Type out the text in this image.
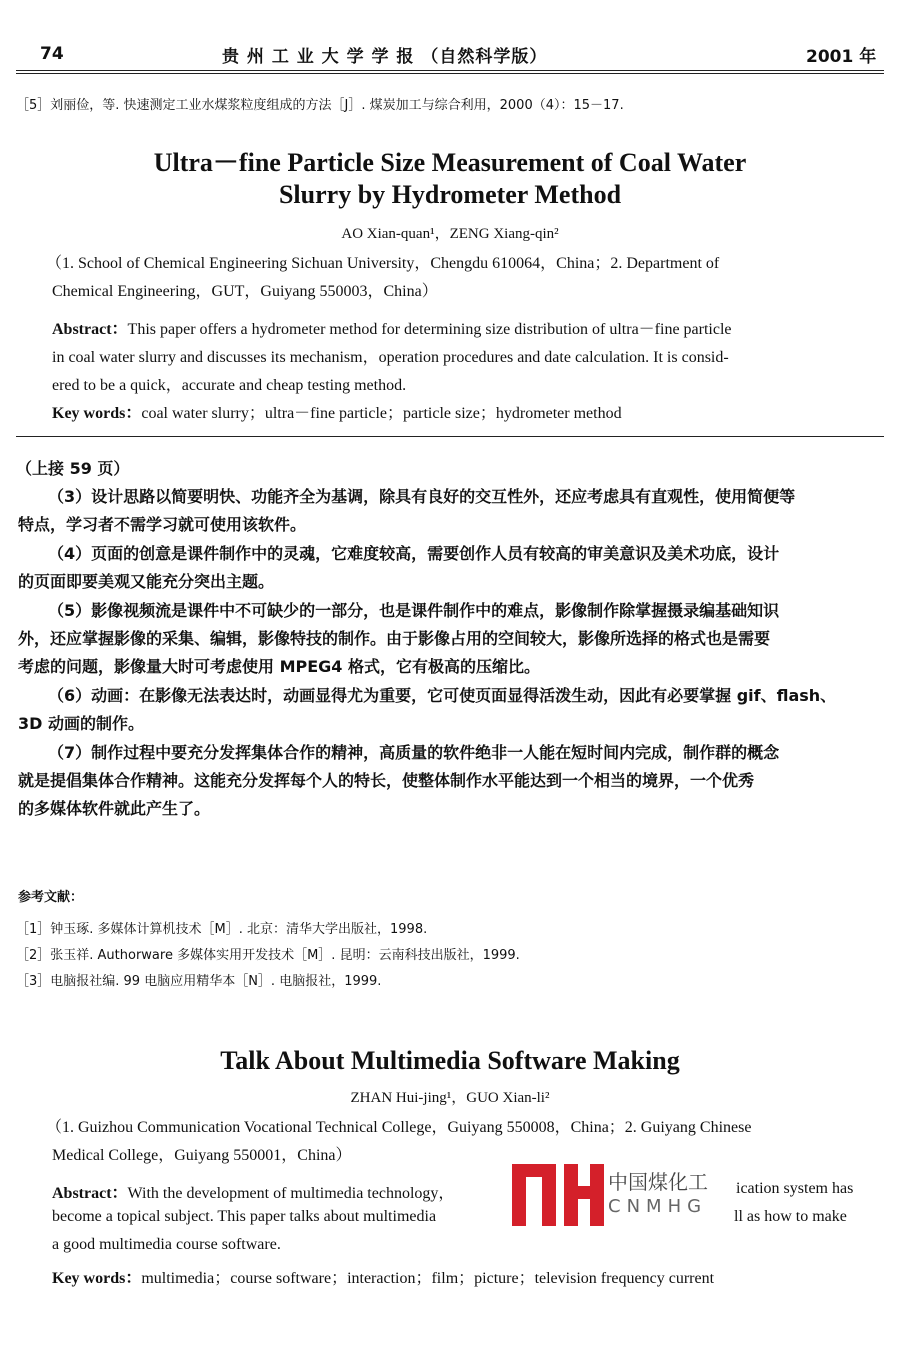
74	贵 州 工 业 大 学 学 报 （自然科学版）	2001 年
［5］刘丽俭，等. 快速测定工业水煤浆粒度组成的方法［J］. 煤炭加工与综合利用，2000（4）：15－17.
Ultra－fine Particle Size Measurement of Coal Water
Slurry by Hydrometer Method
AO Xian-quan¹，ZENG Xiang-qin²
（1. School of Chemical Engineering Sichuan University，Chengdu 610064，China；2. Department of
Chemical Engineering，GUT，Guiyang 550003，China）
Abstract：This paper offers a hydrometer method for determining size distribution of ultra－fine particle
in coal water slurry and discusses its mechanism，operation procedures and date calculation. It is consid-
ered to be a quick，accurate and cheap testing method.
Key words：coal water slurry；ultra－fine particle；particle size；hydrometer method
（上接 59 页）
（3）设计思路以简要明快、功能齐全为基调，除具有良好的交互性外，还应考虑具有直观性，使用简便等
特点，学习者不需学习就可使用该软件。
（4）页面的创意是课件制作中的灵魂，它难度较高，需要创作人员有较高的审美意识及美术功底，设计
的页面即要美观又能充分突出主题。
（5）影像视频流是课件中不可缺少的一部分，也是课件制作中的难点，影像制作除掌握摄录编基础知识
外，还应掌握影像的采集、编辑，影像特技的制作。由于影像占用的空间较大，影像所选择的格式也是需要
考虑的问题，影像量大时可考虑使用 MPEG4 格式，它有极高的压缩比。
（6）动画：在影像无法表达时，动画显得尤为重要，它可使页面显得活泼生动，因此有必要掌握 gif、flash、
3D 动画的制作。
（7）制作过程中要充分发挥集体合作的精神，高质量的软件绝非一人能在短时间内完成，制作群的概念
就是提倡集体合作精神。这能充分发挥每个人的特长，使整体制作水平能达到一个相当的境界，一个优秀
的多媒体软件就此产生了。
参考文献：
［1］钟玉琢. 多媒体计算机技术［M］. 北京：清华大学出版社，1998.
［2］张玉祥. Authorware 多媒体实用开发技术［M］. 昆明：云南科技出版社，1999.
［3］电脑报社编. 99 电脑应用精华本［N］. 电脑报社，1999.
Talk About Multimedia Software Making
ZHAN Hui-jing¹，GUO Xian-li²
（1. Guizhou Communication Vocational Technical College，Guiyang 550008，China；2. Guiyang Chinese
Medical College，Guiyang 550001，China）
Abstract：With the development of multimedia technology，	ication system has
become a topical subject. This paper talks about multimedia	ll as how to make
a good multimedia course software.
Key words：multimedia；course software；interaction；film；picture；television frequency current
中国煤化工
CNMHG
